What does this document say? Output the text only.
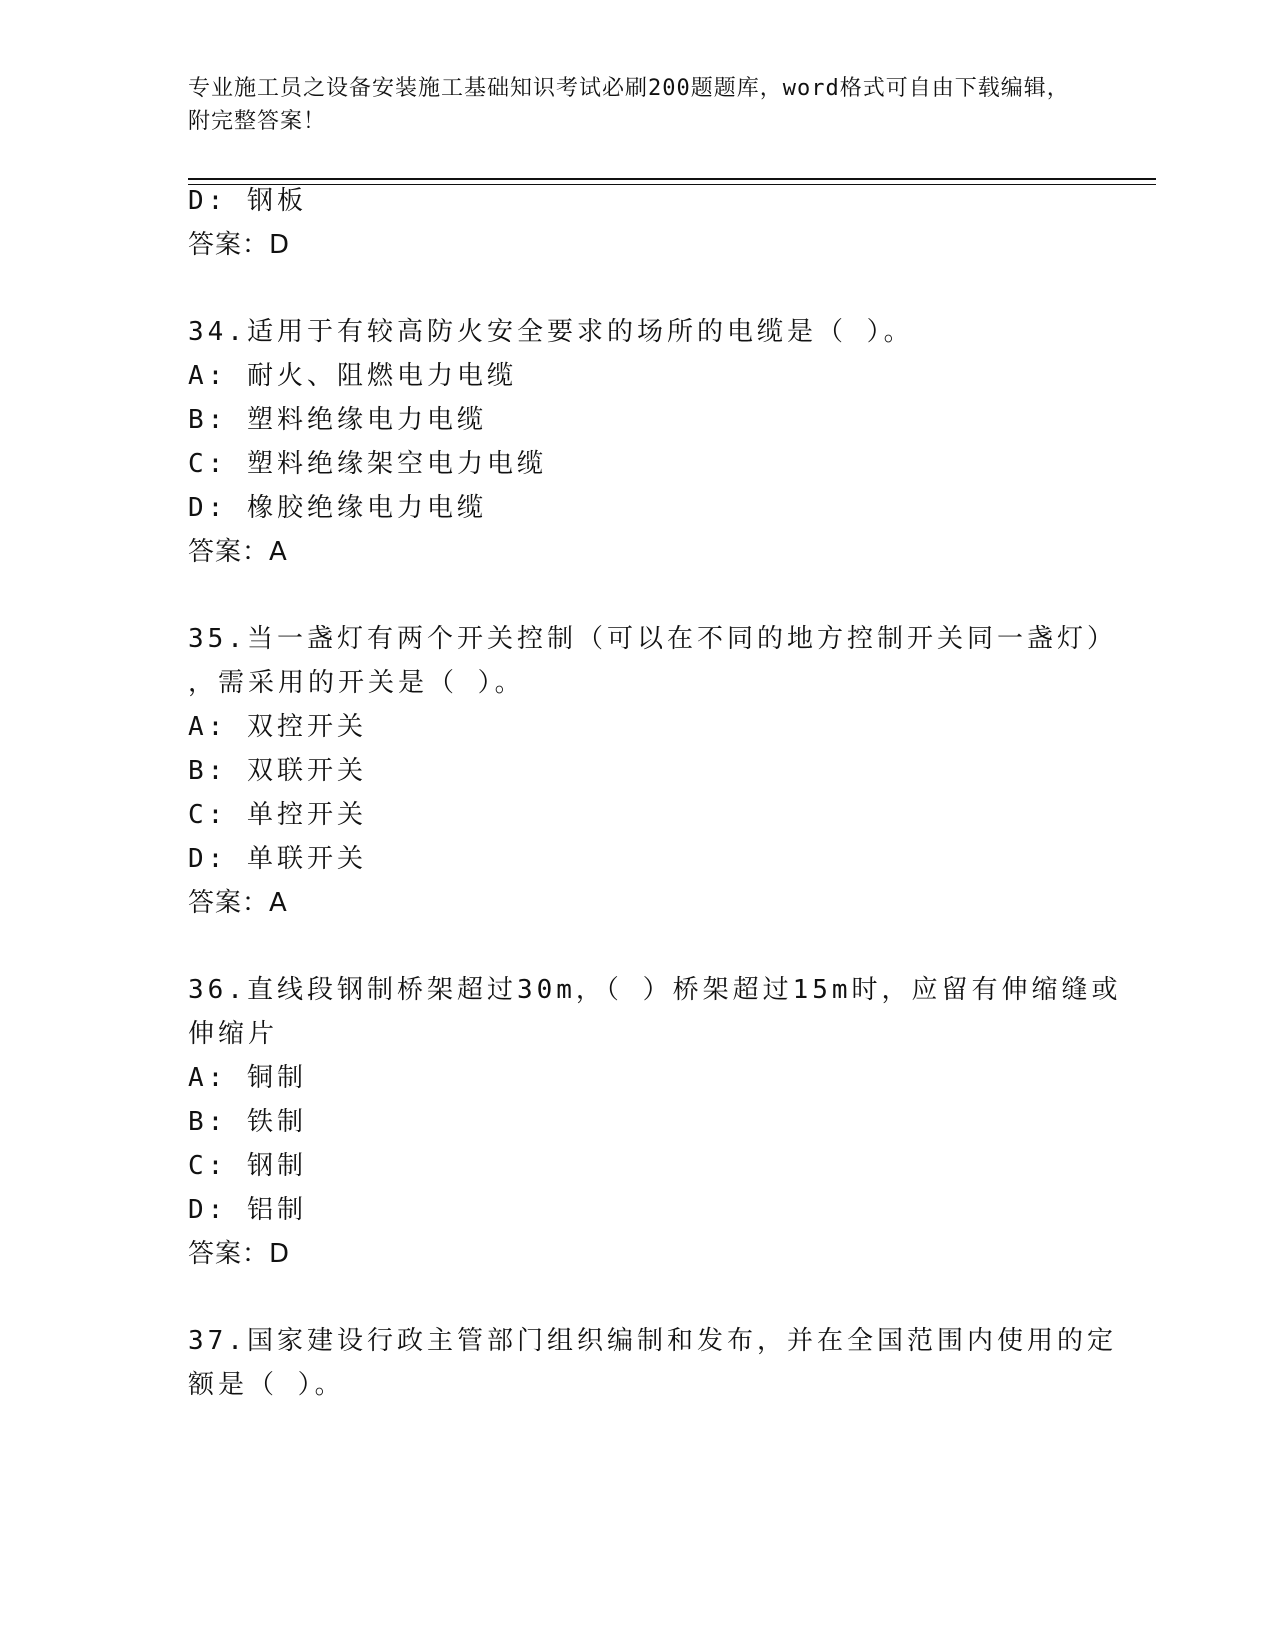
专业施工员之设备安装施工基础知识考试必刷200题题库，word格式可自由下载编辑，附完整答案！
D: 钢板
答案：D
34.适用于有较高防火安全要求的场所的电缆是（ ）。
A: 耐火、阻燃电力电缆
B: 塑料绝缘电力电缆
C: 塑料绝缘架空电力电缆
D: 橡胶绝缘电力电缆
答案：A
35.当一盏灯有两个开关控制（可以在不同的地方控制开关同一盏灯）
，需采用的开关是（ ）。
A: 双控开关
B: 双联开关
C: 单控开关
D: 单联开关
答案：A
36.直线段钢制桥架超过30m，（ ）桥架超过15m时，应留有伸缩缝或
伸缩片
A: 铜制
B: 铁制
C: 钢制
D: 铝制
答案：D
37.国家建设行政主管部门组织编制和发布，并在全国范围内使用的定
额是（ ）。
